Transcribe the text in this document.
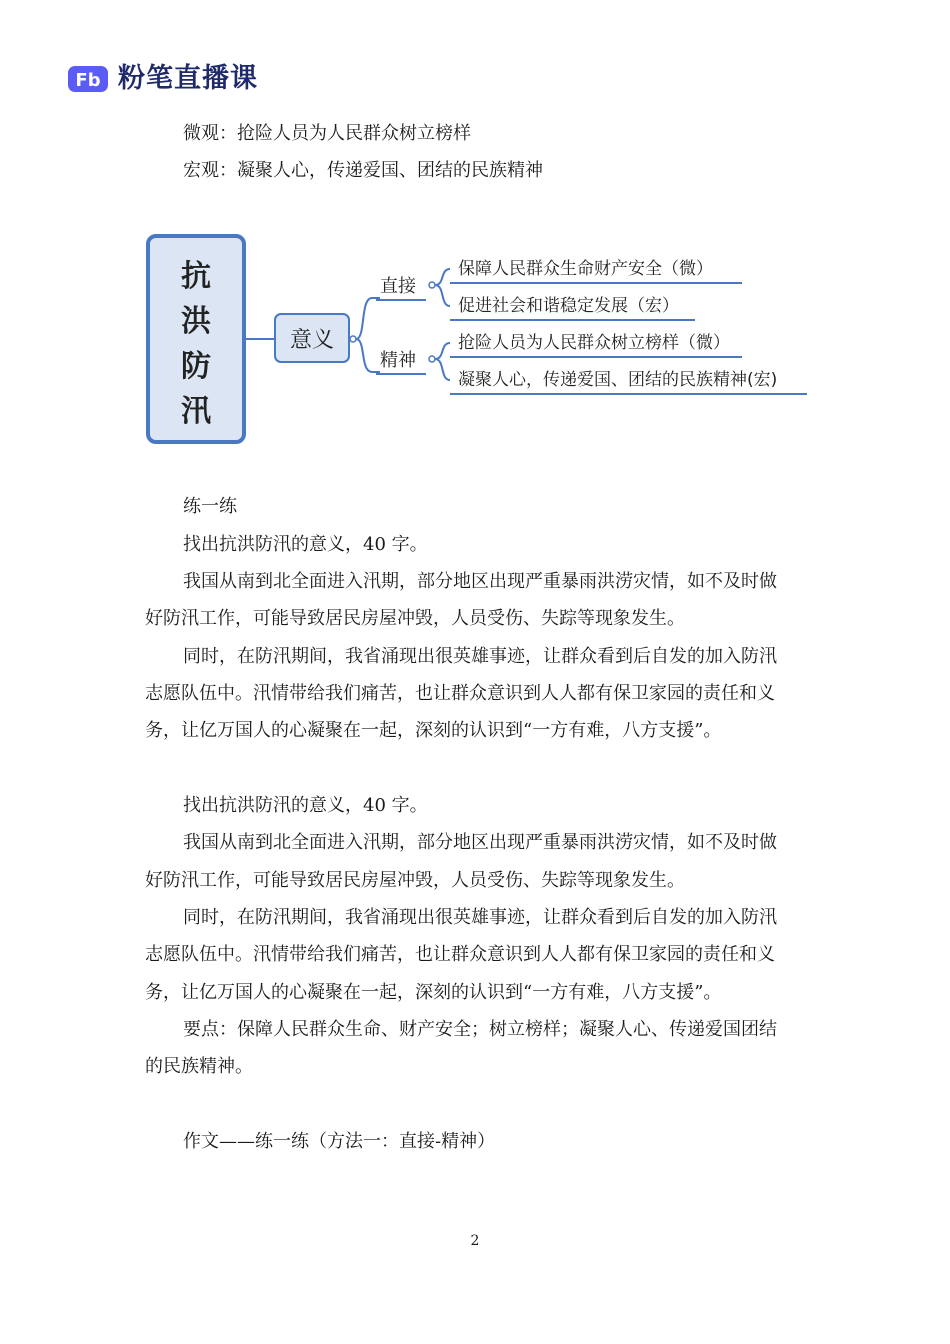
Fb 粉笔直播课
微观：抢险人员为人民群众树立榜样
宏观：凝聚人心，传递爱国、团结的民族精神
抗
洪
防
汛
意义
直接
精神
保障人民群众生命财产安全（微）
促进社会和谐稳定发展（宏）
抢险人员为人民群众树立榜样（微）
凝聚人心，传递爱国、团结的民族精神(宏)
练一练
找出抗洪防汛的意义，40 字。
我国从南到北全面进入汛期，部分地区出现严重暴雨洪涝灾情，如不及时做
好防汛工作，可能导致居民房屋冲毁，人员受伤、失踪等现象发生。
同时，在防汛期间，我省涌现出很英雄事迹，让群众看到后自发的加入防汛
志愿队伍中。汛情带给我们痛苦，也让群众意识到人人都有保卫家园的责任和义
务，让亿万国人的心凝聚在一起，深刻的认识到“一方有难，八方支援”。
找出抗洪防汛的意义，40 字。
我国从南到北全面进入汛期，部分地区出现严重暴雨洪涝灾情，如不及时做
好防汛工作，可能导致居民房屋冲毁，人员受伤、失踪等现象发生。
同时，在防汛期间，我省涌现出很英雄事迹，让群众看到后自发的加入防汛
志愿队伍中。汛情带给我们痛苦，也让群众意识到人人都有保卫家园的责任和义
务，让亿万国人的心凝聚在一起，深刻的认识到“一方有难，八方支援”。
要点：保障人民群众生命、财产安全；树立榜样；凝聚人心、传递爱国团结
的民族精神。
作文——练一练（方法一：直接-精神）
2
